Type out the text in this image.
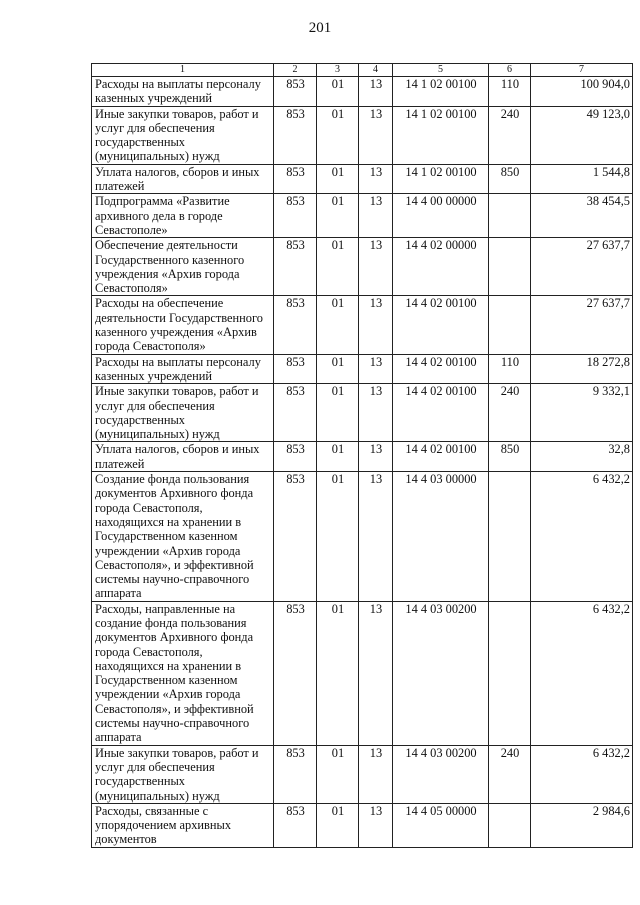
201
1	2	3	4	5	6	7
Расходы на выплаты персоналу казенных учреждений	853	01	13	14 1 02 00100	110	100 904,0
Иные закупки товаров, работ и услуг для обеспечения государственных (муниципальных) нужд	853	01	13	14 1 02 00100	240	49 123,0
Уплата налогов, сборов и иных платежей	853	01	13	14 1 02 00100	850	1 544,8
Подпрограмма «Развитие архивного дела в городе Севастополе»	853	01	13	14 4 00 00000		38 454,5
Обеспечение деятельности Государственного казенного учреждения «Архив города Севастополя»	853	01	13	14 4 02 00000		27 637,7
Расходы на обеспечение деятельности Государственного казенного учреждения «Архив города Севастополя»	853	01	13	14 4 02 00100		27 637,7
Расходы на выплаты персоналу казенных учреждений	853	01	13	14 4 02 00100	110	18 272,8
Иные закупки товаров, работ и услуг для обеспечения государственных (муниципальных) нужд	853	01	13	14 4 02 00100	240	9 332,1
Уплата налогов, сборов и иных платежей	853	01	13	14 4 02 00100	850	32,8
Создание фонда пользования документов Архивного фонда города Севастополя, находящихся на хранении в Государственном казенном учреждении «Архив города Севастополя», и эффективной системы научно-справочного аппарата	853	01	13	14 4 03 00000		6 432,2
Расходы, направленные на создание фонда пользования документов Архивного фонда города Севастополя, находящихся на хранении в Государственном казенном учреждении «Архив города Севастополя», и эффективной системы научно-справочного аппарата	853	01	13	14 4 03 00200		6 432,2
Иные закупки товаров, работ и услуг для обеспечения государственных (муниципальных) нужд	853	01	13	14 4 03 00200	240	6 432,2
Расходы, связанные с упорядочением архивных документов	853	01	13	14 4 05 00000		2 984,6
